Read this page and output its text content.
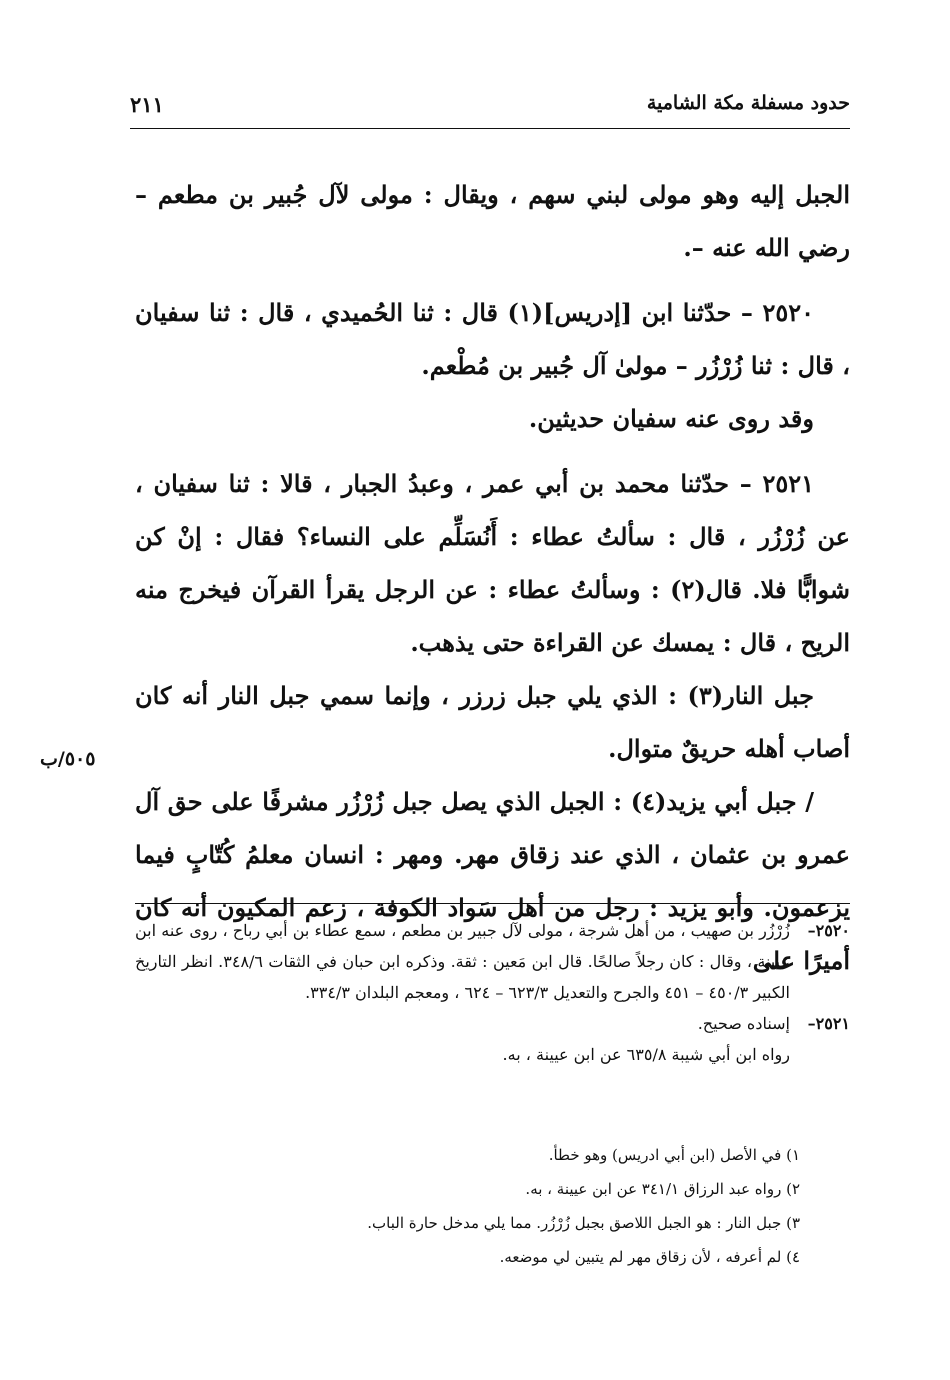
حدود مسفلة مكة الشامية
٢١١

الجبل إليه وهو مولى لبني سهم ، ويقال : مولى لآل جُبير بن مطعم – رضي الله عنه –.

٢٥٢٠ – حدّثنا ابن [إدريس](١) قال : ثنا الحُميدي ، قال : ثنا سفيان ، قال : ثنا زُرْزُر – مولىٰ آل جُبير بن مُطْعم.

وقد روى عنه سفيان حديثين.

٢٥٢١ – حدّثنا محمد بن أبي عمر ، وعبدُ الجبار ، قالا : ثنا سفيان ، عن زُرْزُر ، قال : سألتُ عطاء : أَنُسَلِّم على النساء؟ فقال : إنْ كن شوابًّا فلا. قال(٢) : وسألتُ عطاء : عن الرجل يقرأ القرآن فيخرج منه الريح ، قال : يمسك عن القراءة حتى يذهب.

جبل النار(٣) : الذي يلي جبل زرزر ، وإنما سمي جبل النار أنه كان أصاب أهله حريقٌ متوال.

/ جبل أبي يزيد(٤) : الجبل الذي يصل جبل زُرْزُر مشرفًا على حق آل عمرو بن عثمان ، الذي عند زقاق مهر. ومهر : انسان معلمُ كُتّابٍ فيما يزعمون. وأبو يزيد : رجل من أهل سَواد الكوفة ، زعم المكيون أنه كان أميرًا على

٥٠٥/ب
٢٥٢٠–
زُرْزُر بن صهيب ، من أهل شرجة ، مولى لآل جبير بن مطعم ، سمع عطاء بن أبي رباح ، روى عنه ابن عيينة ، وقال : كان رجلاً صالحًا. قال ابن مَعين : ثقة. وذكره ابن حبان في الثقات ٣٤٨/٦. انظر التاريخ الكبير ٤٥٠/٣ – ٤٥١ والجرح والتعديل ٦٢٣/٣ – ٦٢٤ ، ومعجم البلدان ٣٣٤/٣.
٢٥٢١–
إسناده صحيح.
رواه ابن أبي شيبة ٦٣٥/٨ عن ابن عيينة ، به.

١) في الأصل (ابن أبي ادريس) وهو خطأ.

٢) رواه عبد الرزاق ٣٤١/١ عن ابن عيينة ، به.

٣) جبل النار : هو الجبل اللاصق بجبل زُرْزُر. مما يلي مدخل حارة الباب.

٤) لم أعرفه ، لأن زقاق مهر لم يتبين لي موضعه.
